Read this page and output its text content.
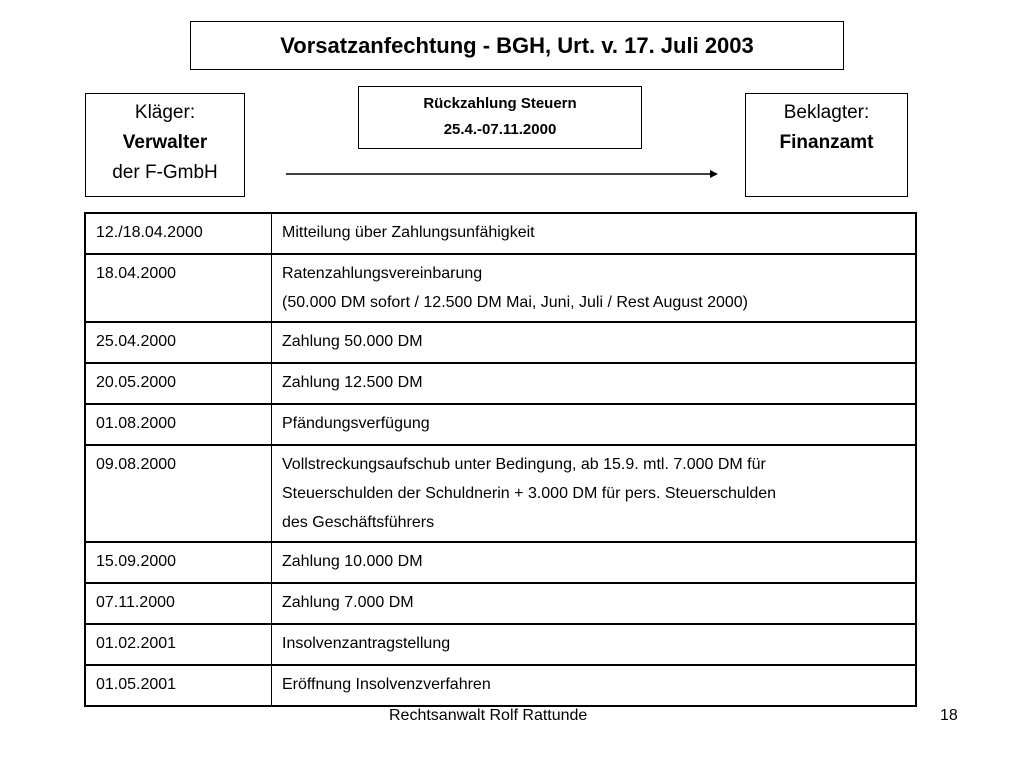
Vorsatzanfechtung - BGH, Urt. v. 17. Juli 2003
Kläger:
Verwalter
der F-GmbH
Rückzahlung Steuern
25.4.-07.11.2000
Beklagter:
Finanzamt
12./18.04.2000	Mitteilung über Zahlungsunfähigkeit

18.04.2000	Ratenzahlungsvereinbarung
(50.000 DM sofort / 12.500 DM Mai, Juni, Juli / Rest August 2000)

25.04.2000	Zahlung 50.000 DM

20.05.2000	Zahlung 12.500 DM

01.08.2000	Pfändungsverfügung

09.08.2000	Vollstreckungsaufschub unter Bedingung, ab 15.9. mtl. 7.000 DM für
Steuerschulden der Schuldnerin + 3.000 DM für pers. Steuerschulden
des Geschäftsführers

15.09.2000	Zahlung 10.000 DM

07.11.2000	Zahlung 7.000 DM

01.02.2001	Insolvenzantragstellung

01.05.2001	Eröffnung Insolvenzverfahren
Rechtsanwalt Rolf Rattunde	18
